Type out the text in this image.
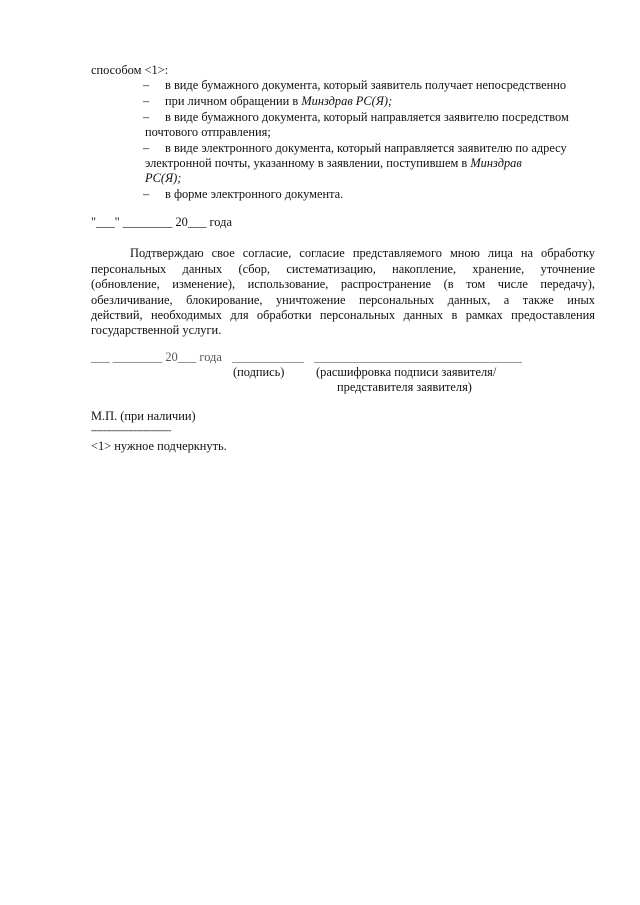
способом <1>:
– в виде бумажного документа, который заявитель получает непосредственно
– при личном обращении в Минздрав РС(Я);
– в виде бумажного документа, который направляется заявителю посредством
почтового отправления;
– в виде электронного документа, который направляется заявителю по адресу
электронной почты, указанному в заявлении, поступившем в Минздрав
РС(Я);
– в форме электронного документа.
"___" ________ 20___ года
Подтверждаю свое согласие, согласие представляемого мною лица на обработку
персональных данных (сбор, систематизацию, накопление, хранение, уточнение
(обновление, изменение), использование, распространение (в том числе передачу),
обезличивание, блокирование, уничтожение персональных данных, а также иных
действий, необходимых для обработки персональных данных в рамках предоставления
государственной услуги.
___ ________ 20___ года
(подпись)	(расшифровка подписи заявителя/
представителя заявителя)
М.П. (при наличии)
--------------------------------
<1> нужное подчеркнуть.
